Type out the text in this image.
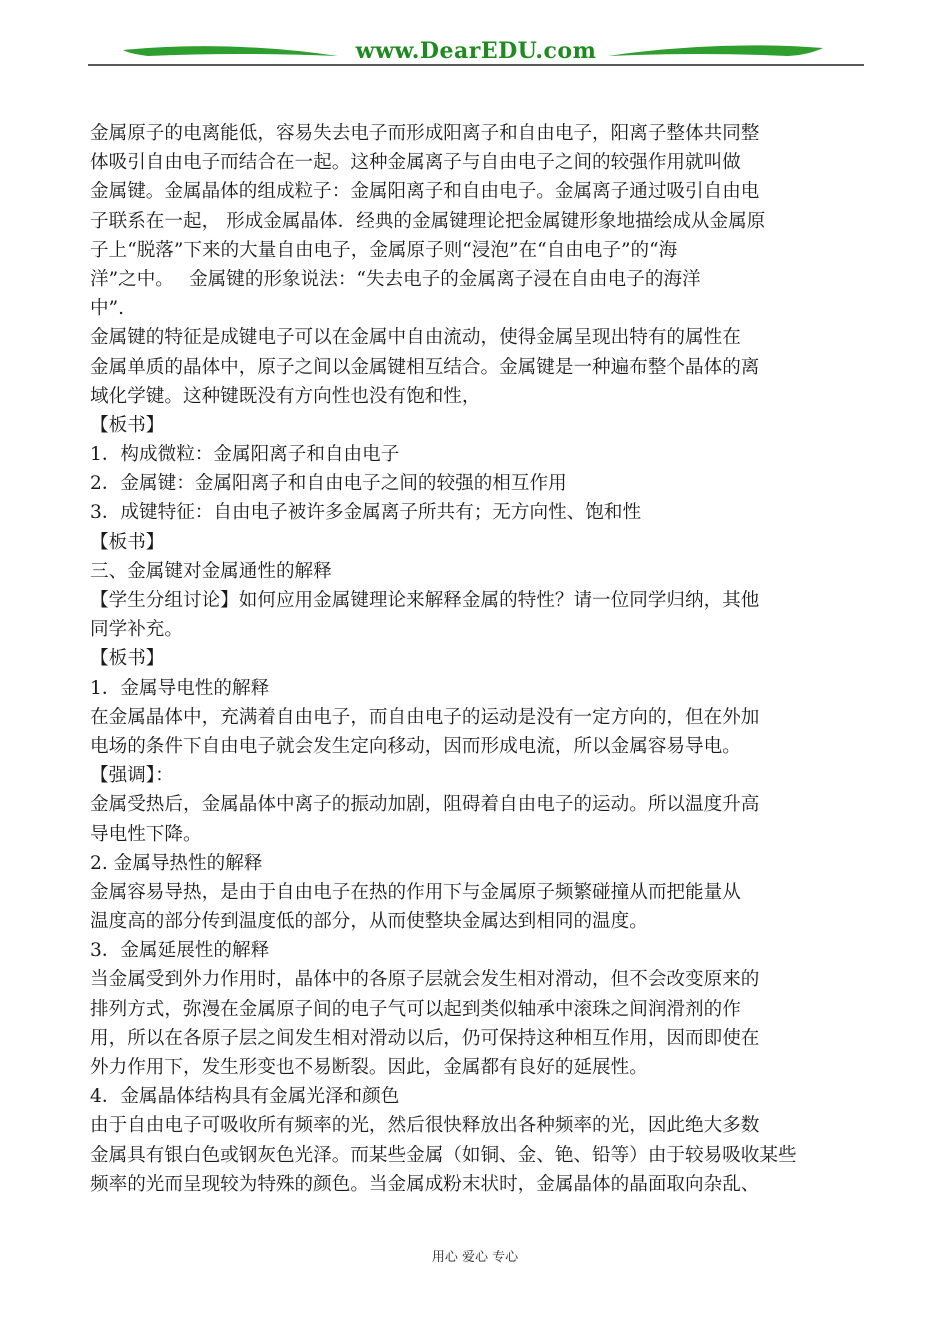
www.DearEDU.com
金属原子的电离能低，容易失去电子而形成阳离子和自由电子，阳离子整体共同整
体吸引自由电子而结合在一起。这种金属离子与自由电子之间的较强作用就叫做
金属键。金属晶体的组成粒子：金属阳离子和自由电子。金属离子通过吸引自由电
子联系在一起， 形成金属晶体．经典的金属键理论把金属键形象地描绘成从金属原
子上“脱落”下来的大量自由电子，金属原子则“浸泡”在“自由电子”的“海
洋”之中。　 金属键的形象说法：“失去电子的金属离子浸在自由电子的海洋
中”.
金属键的特征是成键电子可以在金属中自由流动，使得金属呈现出特有的属性在
金属单质的晶体中，原子之间以金属键相互结合。金属键是一种遍布整个晶体的离
域化学键。这种键既没有方向性也没有饱和性，
【板书】
1．构成微粒：金属阳离子和自由电子
2．金属键：金属阳离子和自由电子之间的较强的相互作用
3．成键特征：自由电子被许多金属离子所共有；无方向性、饱和性
【板书】
三、金属键对金属通性的解释
【学生分组讨论】如何应用金属键理论来解释金属的特性？请一位同学归纳，其他
同学补充。
【板书】
1．金属导电性的解释
在金属晶体中，充满着自由电子，而自由电子的运动是没有一定方向的，但在外加
电场的条件下自由电子就会发生定向移动，因而形成电流，所以金属容易导电。
【强调】：
金属受热后，金属晶体中离子的振动加剧，阻碍着自由电子的运动。所以温度升高
导电性下降。
2. 金属导热性的解释
金属容易导热，是由于自由电子在热的作用下与金属原子频繁碰撞从而把能量从
温度高的部分传到温度低的部分，从而使整块金属达到相同的温度。
3．金属延展性的解释
当金属受到外力作用时，晶体中的各原子层就会发生相对滑动，但不会改变原来的
排列方式，弥漫在金属原子间的电子气可以起到类似轴承中滚珠之间润滑剂的作
用，所以在各原子层之间发生相对滑动以后，仍可保持这种相互作用，因而即使在
外力作用下，发生形变也不易断裂。因此，金属都有良好的延展性。
4．金属晶体结构具有金属光泽和颜色
由于自由电子可吸收所有频率的光，然后很快释放出各种频率的光，因此绝大多数
金属具有银白色或钢灰色光泽。而某些金属（如铜、金、铯、铅等）由于较易吸收某些
频率的光而呈现较为特殊的颜色。当金属成粉末状时，金属晶体的晶面取向杂乱、
用心 爱心 专心
